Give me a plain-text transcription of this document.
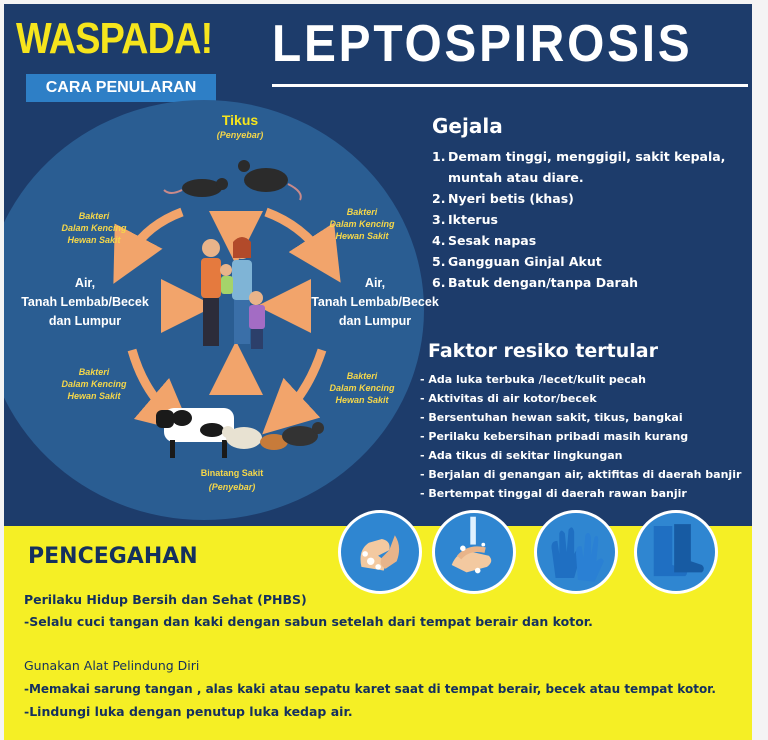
WASPADA! LEPTOSPIROSIS
CARA PENULARAN
Tikus
(Penyebar)
Binatang Sakit
(Penyebar)
Air,
Tanah Lembab/Becek
dan Lumpur
Air,
Tanah Lembab/Becek
dan Lumpur
Bakteri
Dalam Kencing
Hewan Sakit
Bakteri
Dalam Kencing
Hewan Sakit
Bakteri
Dalam Kencing
Hewan Sakit
Bakteri
Dalam Kencing
Hewan Sakit
Gejala
1. Demam tinggi, menggigil, sakit kepala,
muntah atau diare.
2. Nyeri betis (khas)
3. Ikterus
4. Sesak napas
5. Gangguan Ginjal Akut
6. Batuk dengan/tanpa Darah
Faktor resiko tertular
- Ada luka terbuka /lecet/kulit pecah
- Aktivitas di air kotor/becek
- Bersentuhan hewan sakit, tikus, bangkai
- Perilaku kebersihan pribadi masih kurang
- Ada tikus di sekitar lingkungan
- Berjalan di genangan air, aktifitas di daerah banjir
- Bertempat tinggal di daerah rawan banjir
PENCEGAHAN
Perilaku Hidup Bersih dan Sehat (PHBS)
-Selalu cuci tangan dan kaki dengan sabun setelah dari tempat berair dan kotor.
Gunakan Alat Pelindung Diri
-Memakai sarung tangan , alas kaki atau sepatu karet saat di tempat berair, becek atau tempat kotor.
-Lindungi luka dengan penutup luka kedap air.
